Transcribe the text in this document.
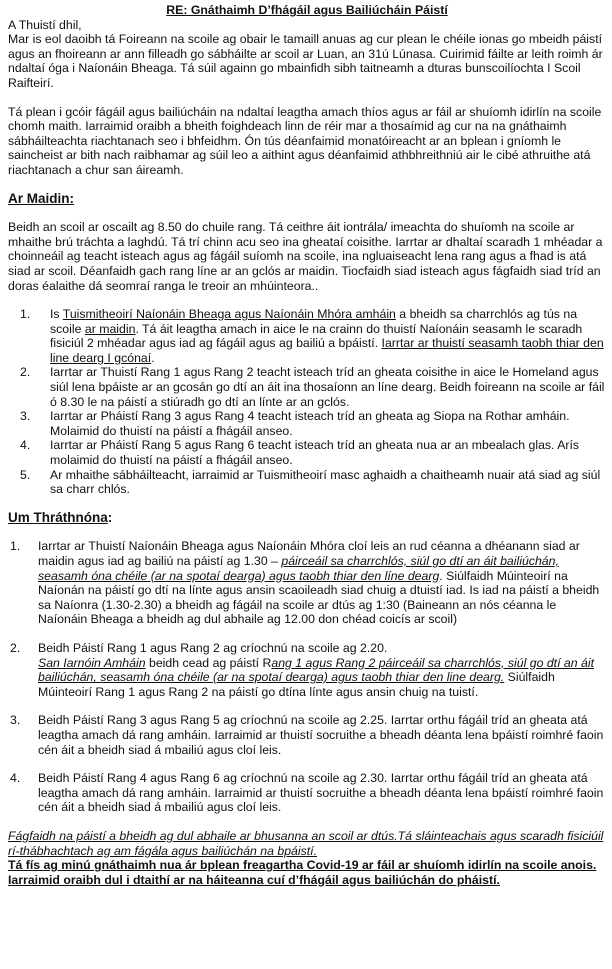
RE: Gnáthaimh D’fhágáil agus Bailiúcháin Páistí

A Thuistí dhil,

Mar is eol daoibh tá Foireann na scoile ag obair le tamaill anuas ag cur plean le chéile ionas go mbeidh páistí agus an fhoireann ar ann filleadh go sábháilte ar scoil ar Luan, an 31ú Lúnasa. Cuirimid fáilte ar leith roimh ár ndaltaí óga i Naíonáin Bheaga. Tá súil againn go mbainfidh sibh taitneamh a dturas bunscoilíochta I Scoil Raifteirí.

Tá plean i gcóir fágáil agus bailiúcháin na ndaltaí leagtha amach thíos agus ar fáil ar shuíomh idirlín na scoile chomh maith. Iarraimid oraibh a bheith foighdeach linn de réir mar a thosaímid ag cur na na gnáthaimh sábháilteachta riachtanach seo i bhfeidhm. Ón tús déanfaimid monatóireacht ar an bplean i gníomh le saincheist ar bith nach raibhamar ag súil leo a aithint agus déanfaimid athbhreithniú air le cibé athruithe atá riachtanach a chur san áireamh.

Ar Maidin:

Beidh an scoil ar oscailt ag 8.50 do chuile rang. Tá ceithre áit iontrála/ imeachta do shuíomh na scoile ar mhaithe brú tráchta a laghdú. Tá trí chinn acu seo ina gheataí coisithe. Iarrtar ar dhaltaí scaradh 1 mhéadar a choinneáil ag teacht isteach agus ag fágáil suíomh na scoile, ina ngluaiseacht lena rang agus a fhad is atá siad ar scoil. Déanfaidh gach rang líne ar an gclós ar maidin. Tiocfaidh siad isteach agus fágfaidh siad tríd an doras éalaithe dá seomraí ranga le treoir an mhúinteora..

1. Is Tuismitheoirí Naíonáin Bheaga agus Naíonáin Mhóra amháin a bheidh sa charrchlós ag tús na scoile ar maidin. Tá áit leagtha amach in aice le na crainn do thuistí Naíonáin seasamh le scaradh fisiciúl 2 mhéadar agus iad ag fágáil agus ag bailiú a bpáistí. Iarrtar ar thuistí seasamh taobh thiar den line dearg I gcónaí.
2. Iarrtar ar Thuistí Rang 1 agus Rang 2 teacht isteach tríd an gheata coisithe in aice le Homeland agus siúl lena bpáiste ar an gcosán go dtí an áit ina thosaíonn an líne dearg. Beidh foireann na scoile ar fáil ó 8.30 le na páistí a stiúradh go dtí an línte ar an gclós.
3. Iarrtar ar Pháistí Rang 3 agus Rang 4 teacht isteach tríd an gheata ag Siopa na Rothar amháin. Molaimid do thuistí na páistí a fhágáil anseo.
4. Iarrtar ar Pháistí Rang 5 agus Rang 6 teacht isteach tríd an gheata nua ar an mbealach glas. Arís molaimid do thuistí na páistí a fhágáil anseo.
5. Ar mhaithe sábháilteacht, iarraimid ar Tuismitheoirí masc aghaidh a chaitheamh nuair atá siad ag siúl sa charr chlós.

Um Thráthnóna:

1. Iarrtar ar Thuistí Naíonáin Bheaga agus Naíonáin Mhóra cloí leis an rud céanna a dhéanann siad ar maidin agus iad ag bailiú na páistí ag 1.30 – páirceáil sa charrchlós, siúl go dtí an áit bailiúchán, seasamh óna chéile (ar na spotaí dearga) agus taobh thiar den líne dearg. Siúlfaidh Múinteoirí na Naíonán na páistí go dtí na línte agus ansin scaoileadh siad chuig a dtuistí iad. Is iad na páistí a bheidh sa Naíonra (1.30-2.30) a bheidh ag fágáil na scoile ar dtús ag 1:30 (Baineann an nós céanna le Naíonáin Bheaga a bheidh ag dul abhaile ag 12.00 don chéad coicís ar scoil)
2. Beidh Páistí Rang 1 agus Rang 2 ag críochnú na scoile ag 2.20.
San Iarnóin Amháin beidh cead ag páistí Rang 1 agus Rang 2 páirceáil sa charrchlós, siúl go dtí an áit bailiúchán, seasamh óna chéile (ar na spotaí dearga) agus taobh thiar den line dearg. Siúlfaidh Múinteoirí Rang 1 agus Rang 2 na páistí go dtína línte agus ansin chuig na tuistí.
3. Beidh Páistí Rang 3 agus Rang 5 ag críochnú na scoile ag 2.25. Iarrtar orthu fágáil tríd an gheata atá leagtha amach dá rang amháin. Iarraimid ar thuistí socruithe a bheadh déanta lena bpáistí roimhré faoin cén áit a bheidh siad á mbailiú agus cloí leis.
4. Beidh Páistí Rang 4 agus Rang 6 ag críochnú na scoile ag 2.30. Iarrtar orthu fágáil tríd an gheata atá leagtha amach dá rang amháin. Iarraimid ar thuistí socruithe a bheadh déanta lena bpáistí roimhré faoin cén áit a bheidh siad á mbailiú agus cloí leis.

Fágfaidh na páistí a bheidh ag dul abhaile ar bhusanna an scoil ar dtús.Tá sláinteachais agus scaradh fisiciúil rí-thábhachtach ag am fágála agus bailiúchán na bpáistí.
Tá fís ag minú gnáthaimh nua ár bplean freagartha Covid-19 ar fáil ar shuíomh idirlín na scoile anois. Iarraimid oraibh dul i dtaithí ar na háiteanna cuí d’fhágáil agus bailiúchán do pháistí.
